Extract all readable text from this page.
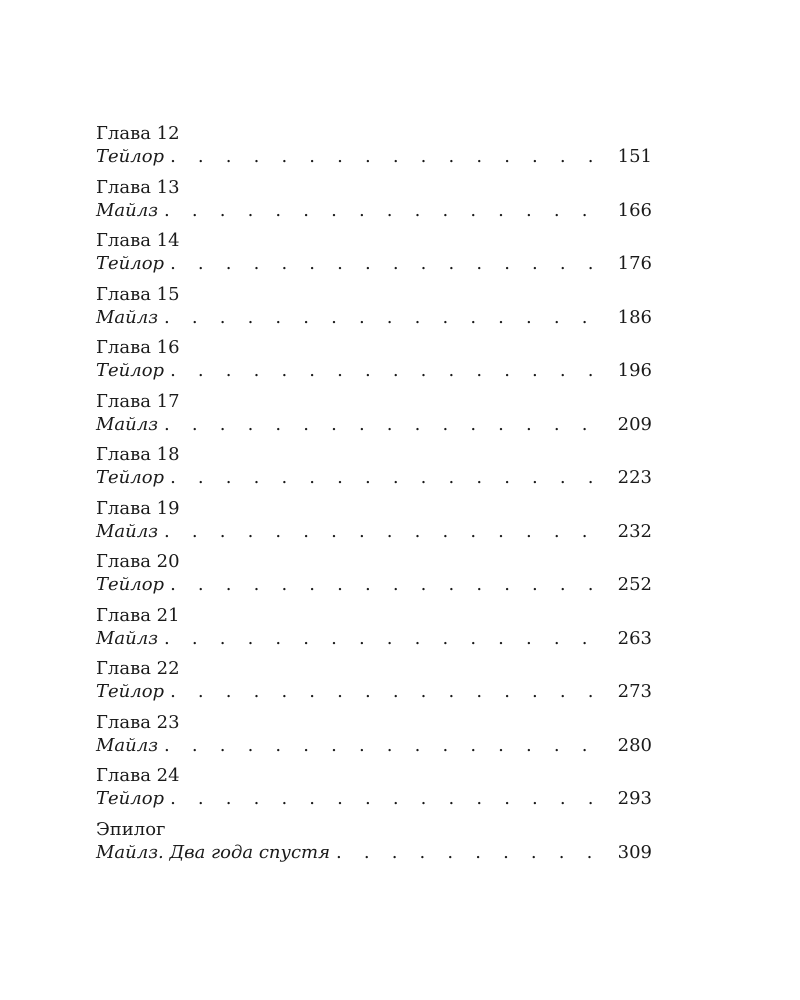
Глава 12
Тейлор . . .	151
Глава 13
Майлз . . .	166
Глава 14
Тейлор . . .	176
Глава 15
Майлз . . .	186
Глава 16
Тейлор . . .	196
Глава 17
Майлз . . .	209
Глава 18
Тейлор . . .	223
Глава 19
Майлз . . .	232
Глава 20
Тейлор . . .	252
Глава 21
Майлз . . .	263
Глава 22
Тейлор . . .	273
Глава 23
Майлз . . .	280
Глава 24
Тейлор . . .	293
Эпилог
Майлз. Два года спустя . . .	309
